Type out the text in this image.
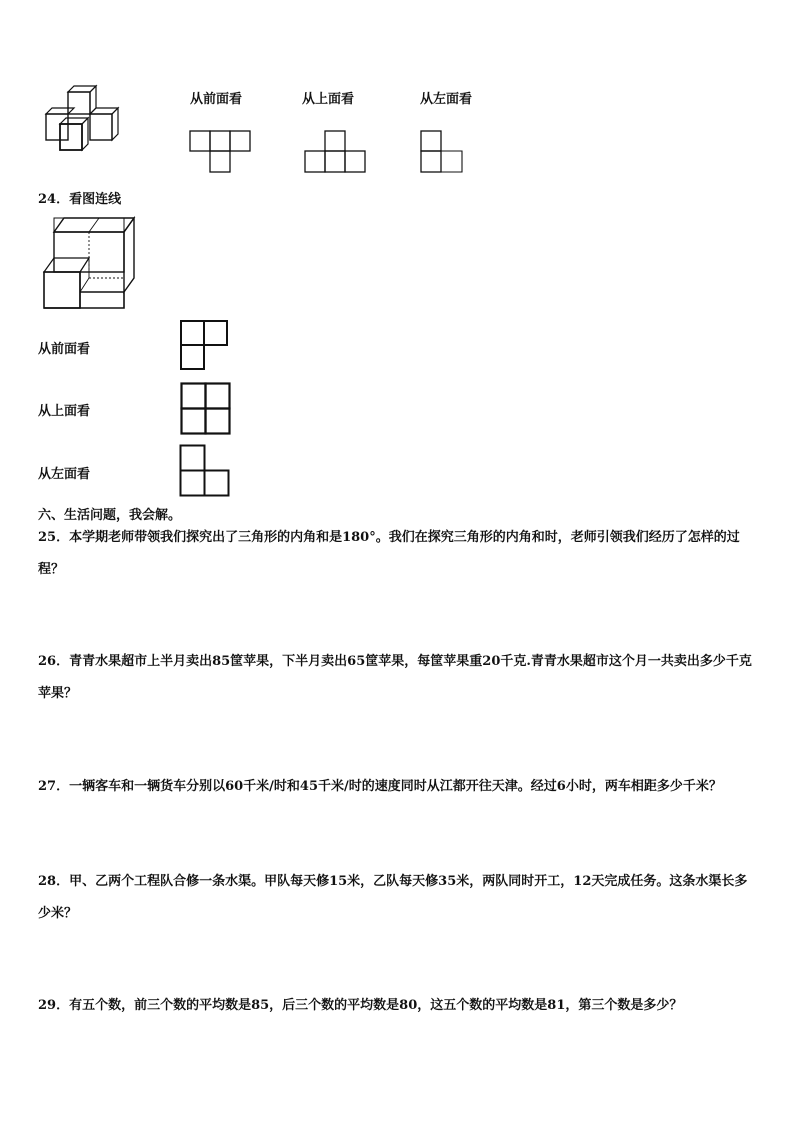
从前面看	从上面看	从左面看
24．看图连线
从前面看
从上面看
从左面看
六、生活问题，我会解。
25．本学期老师带领我们探究出了三角形的内角和是180°。我们在探究三角形的内角和时，老师引领我们经历了怎样的过程？
26．青青水果超市上半月卖出85筐苹果，下半月卖出65筐苹果，每筐苹果重20千克.青青水果超市这个月一共卖出多少千克苹果？
27．一辆客车和一辆货车分别以60千米/时和45千米/时的速度同时从江都开往天津。经过6小时，两车相距多少千米？
28．甲、乙两个工程队合修一条水渠。甲队每天修15米，乙队每天修35米，两队同时开工，12天完成任务。这条水渠长多少米？
29．有五个数，前三个数的平均数是85，后三个数的平均数是80，这五个数的平均数是81，第三个数是多少？
